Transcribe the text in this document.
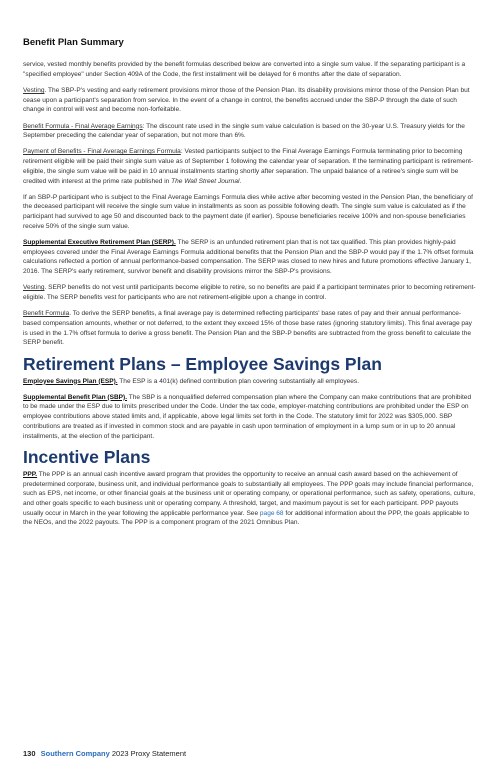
Benefit Plan Summary

service, vested monthly benefits provided by the benefit formulas described below are converted into a single sum value. If the separating participant is a "specified employee" under Section 409A of the Code, the first installment will be delayed for 6 months after the date of separation.

Vesting. The SBP-P's vesting and early retirement provisions mirror those of the Pension Plan. Its disability provisions mirror those of the Pension Plan but cease upon a participant's separation from service. In the event of a change in control, the benefits accrued under the SBP-P through the date of such change in control will vest and become non-forfeitable.

Benefit Formula - Final Average Earnings: The discount rate used in the single sum value calculation is based on the 30-year U.S. Treasury yields for the September preceding the calendar year of separation, but not more than 6%.

Payment of Benefits - Final Average Earnings Formula: Vested participants subject to the Final Average Earnings Formula terminating prior to becoming retirement eligible will be paid their single sum value as of September 1 following the calendar year of separation. If the terminating participant is retirement-eligible, the single sum value will be paid in 10 annual installments starting shortly after separation. The unpaid balance of a retiree's single sum will be credited with interest at the prime rate published in The Wall Street Journal.

If an SBP-P participant who is subject to the Final Average Earnings Formula dies while active after becoming vested in the Pension Plan, the beneficiary of the deceased participant will receive the single sum value in installments as soon as possible following death. The single sum value is calculated as if the participant had survived to age 50 and discounted back to the payment date (if earlier). Spouse beneficiaries receive 100% and non-spouse beneficiaries receive 50% of the single sum value.

Supplemental Executive Retirement Plan (SERP). The SERP is an unfunded retirement plan that is not tax qualified. This plan provides highly-paid employees covered under the Final Average Earnings Formula additional benefits that the Pension Plan and the SBP-P would pay if the 1.7% offset formula calculations reflected a portion of annual performance-based compensation. The SERP was closed to new hires and future promotions effective January 1, 2016. The SERP's early retirement, survivor benefit and disability provisions mirror the SBP-P's provisions.

Vesting. SERP benefits do not vest until participants become eligible to retire, so no benefits are paid if a participant terminates prior to becoming retirement-eligible. The SERP benefits vest for participants who are not retirement-eligible upon a change in control.

Benefit Formula. To derive the SERP benefits, a final average pay is determined reflecting participants' base rates of pay and their annual performance-based compensation amounts, whether or not deferred, to the extent they exceed 15% of those base rates (ignoring statutory limits). This final average pay is used in the 1.7% offset formula to derive a gross benefit. The Pension Plan and the SBP-P benefits are subtracted from the gross benefit to calculate the SERP benefit.

Retirement Plans – Employee Savings Plan

Employee Savings Plan (ESP). The ESP is a 401(k) defined contribution plan covering substantially all employees.

Supplemental Benefit Plan (SBP). The SBP is a nonqualified deferred compensation plan where the Company can make contributions that are prohibited to be made under the ESP due to limits prescribed under the Code. Under the tax code, employer-matching contributions are prohibited under the ESP on employee contributions above stated limits and, if applicable, above legal limits set forth in the Code. The statutory limit for 2022 was $305,000. SBP contributions are treated as if invested in common stock and are payable in cash upon termination of employment in a lump sum or in up to 20 annual installments, at the election of the participant.

Incentive Plans

PPP. The PPP is an annual cash incentive award program that provides the opportunity to receive an annual cash award based on the achievement of predetermined corporate, business unit, and individual performance goals to substantially all employees. The PPP goals may include financial performance, such as EPS, net income, or other financial goals at the business unit or operating company, or operational performance, such as safety, operations, culture, and other goals specific to each business unit or operating company. A threshold, target, and maximum payout is set for each participant. PPP payouts usually occur in March in the year following the applicable performance year. See page 68 for additional information about the PPP, the goals applicable to the NEOs, and the 2022 payouts. The PPP is a component program of the 2021 Omnibus Plan.

130 Southern Company 2023 Proxy Statement
